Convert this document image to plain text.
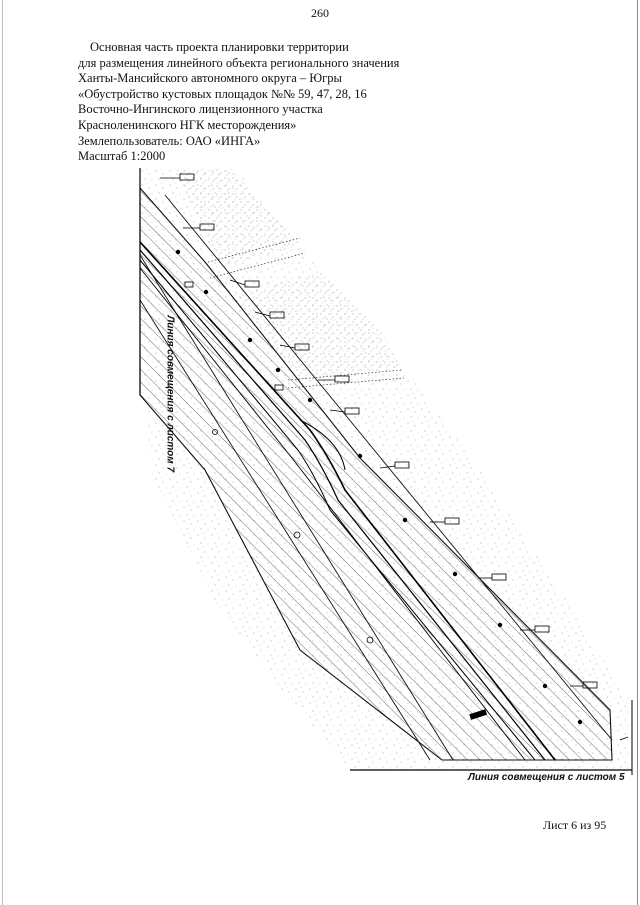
260
Основная часть проекта планировки территории
для размещения линейного объекта регионального значения
Ханты-Мансийского автономного округа – Югры
«Обустройство кустовых площадок №№ 59, 47, 28, 16
Восточно-Ингинского лицензионного участка
Красноленинского НГК месторождения»
Землепользователь: ОАО «ИНГА»
Масштаб 1:2000
Линия совмещения с листом 7
Линия совмещения с листом 5
Лист 6 из 95
